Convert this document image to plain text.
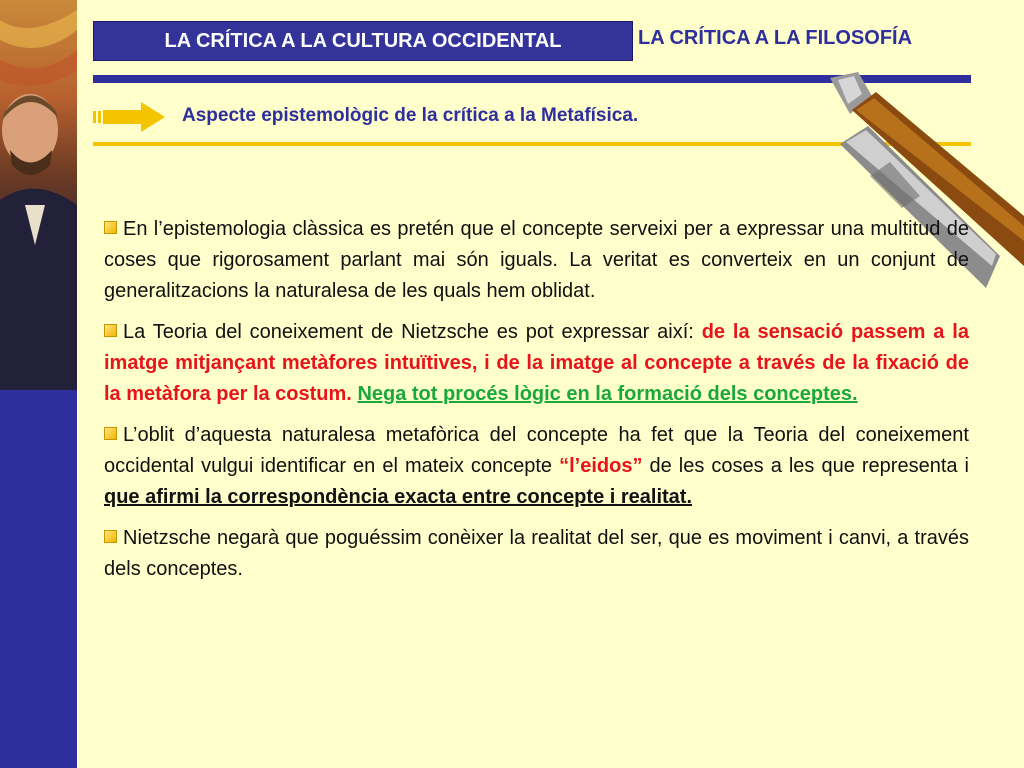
LA CRÍTICA A LA CULTURA OCCIDENTAL	LA CRÍTICA A LA FILOSOFÍA
Aspecte epistemològic de la crítica a la Metafísica.

En l’epistemologia clàssica es pretén que el concepte serveixi per a expressar una multitud de coses que rigorosament parlant mai són iguals. La veritat es converteix en un conjunt de generalitzacions la naturalesa de les quals hem oblidat.

La Teoria del coneixement de Nietzsche es pot expressar així: de la sensació passem a la imatge mitjançant metàfores intuïtives, i de la imatge al concepte a través de la fixació de la metàfora per la costum. Nega tot procés lògic en la formació dels conceptes.

L’oblit d’aquesta naturalesa metafòrica del concepte ha fet que la Teoria del coneixement occidental vulgui identificar en el mateix concepte “l’eidos” de les coses a les que representa i que afirmi la correspondència exacta entre concepte i realitat.

Nietzsche negarà que poguéssim conèixer la realitat del ser, que es moviment i canvi, a través dels conceptes.
